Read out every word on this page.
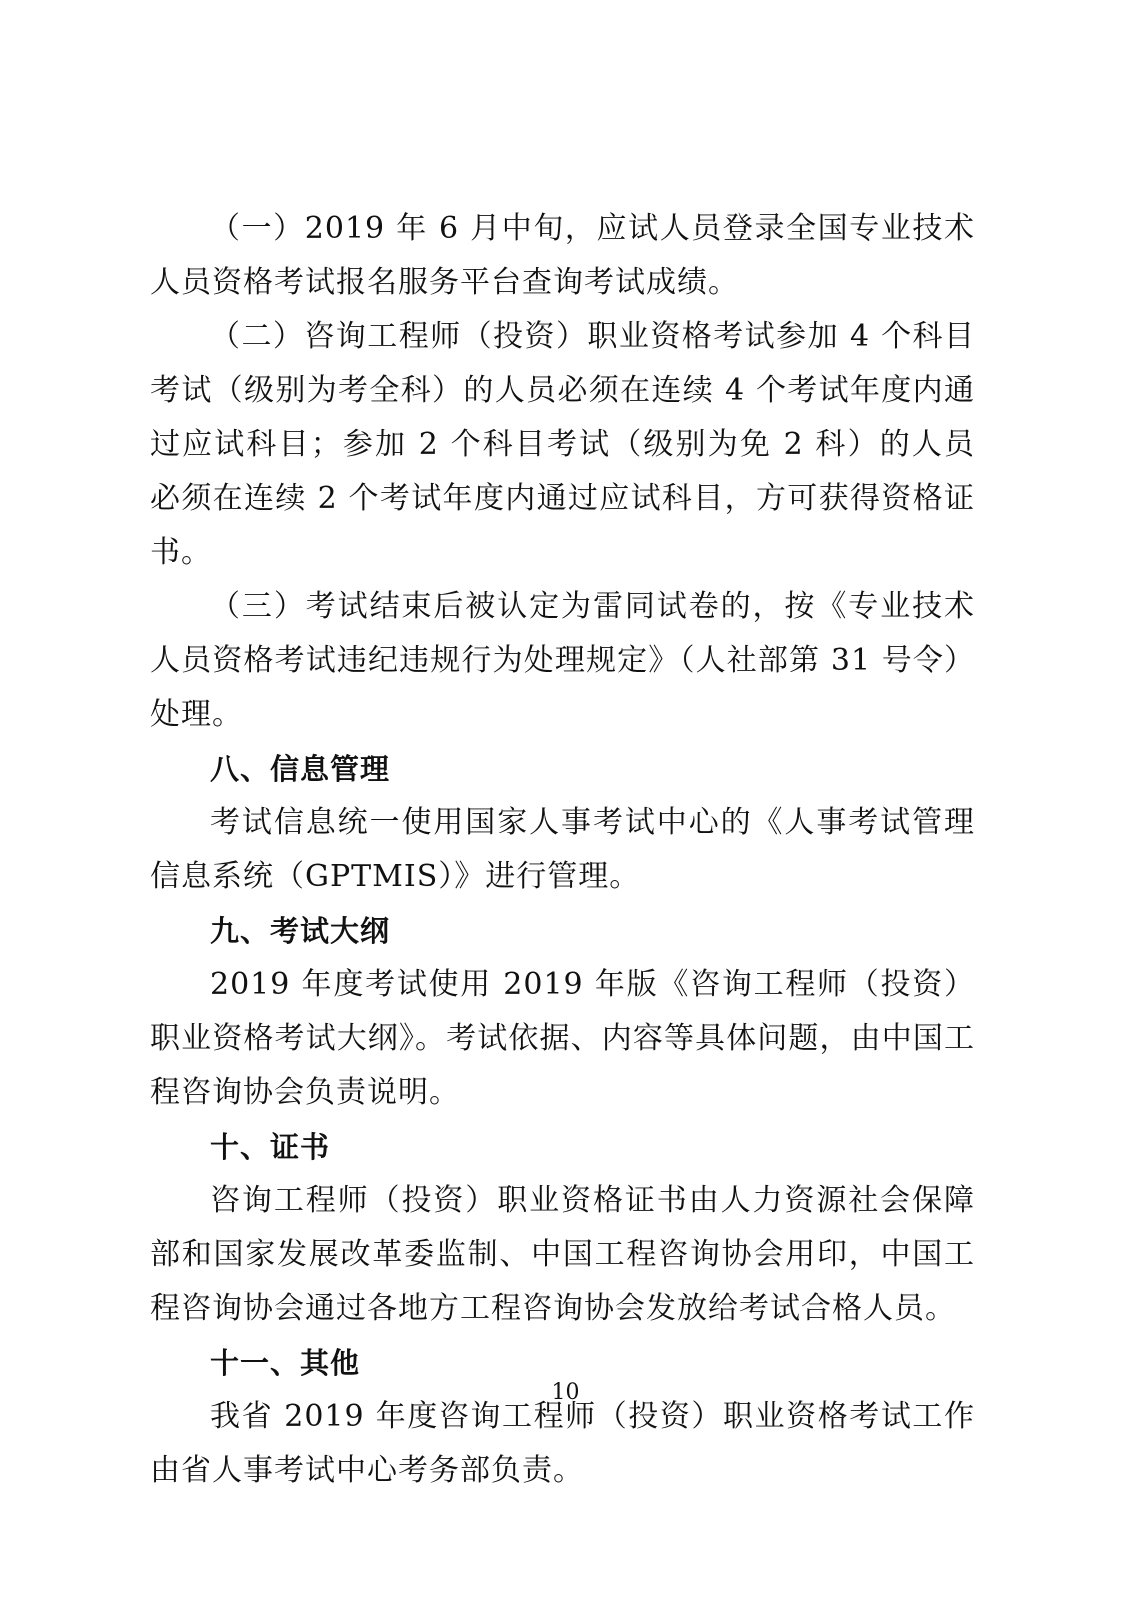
（一）2019 年 6 月中旬，应试人员登录全国专业技术人员资格考试报名服务平台查询考试成绩。

（二）咨询工程师（投资）职业资格考试参加 4 个科目考试（级别为考全科）的人员必须在连续 4 个考试年度内通过应试科目；参加 2 个科目考试（级别为免 2 科）的人员必须在连续 2 个考试年度内通过应试科目，方可获得资格证书。

（三）考试结束后被认定为雷同试卷的，按《专业技术人员资格考试违纪违规行为处理规定》（人社部第 31 号令）处理。

八、信息管理

考试信息统一使用国家人事考试中心的《人事考试管理信息系统（GPTMIS）》进行管理。

九、考试大纲

2019 年度考试使用 2019 年版《咨询工程师（投资）职业资格考试大纲》。考试依据、内容等具体问题，由中国工程咨询协会负责说明。

十、证书

咨询工程师（投资）职业资格证书由人力资源社会保障部和国家发展改革委监制、中国工程咨询协会用印，中国工程咨询协会通过各地方工程咨询协会发放给考试合格人员。

十一、其他

我省 2019 年度咨询工程师（投资）职业资格考试工作由省人事考试中心考务部负责。

10
